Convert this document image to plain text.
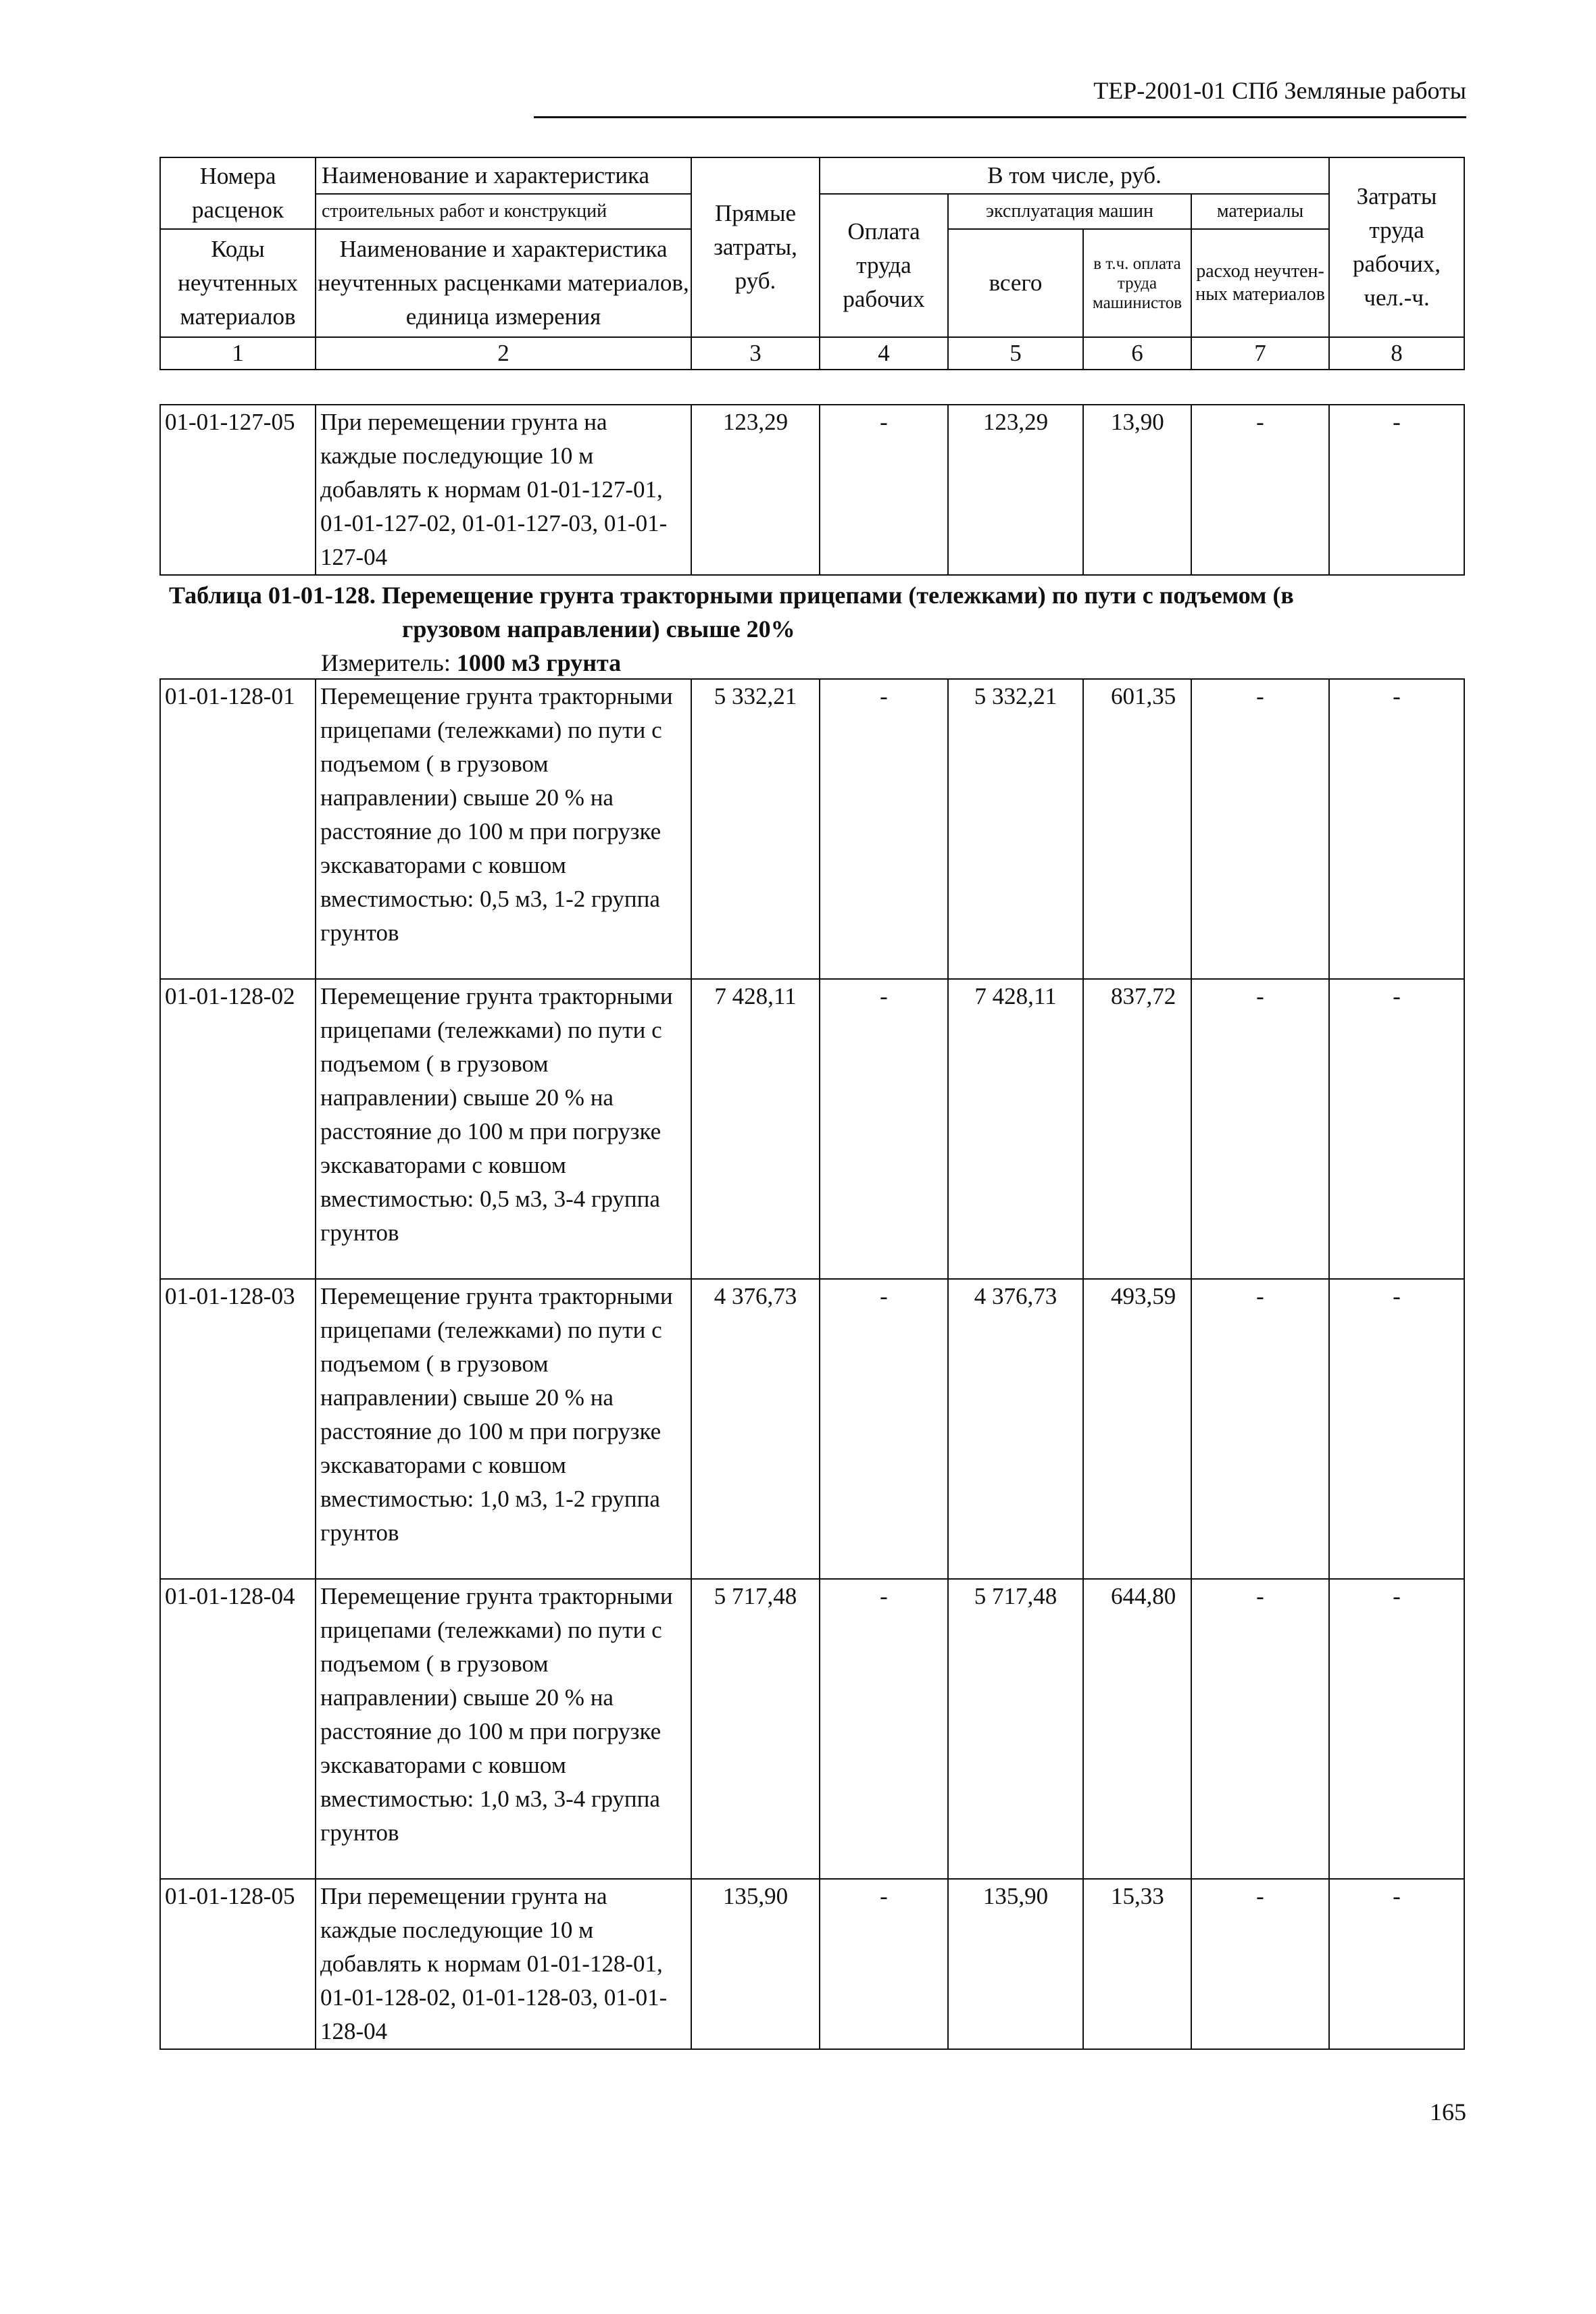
ТЕР-2001-01 СПб Земляные работы
Номера расценок	Наименование и характеристика	Прямые затраты, руб.	В том числе, руб.				Затраты труда рабочих, чел.-ч.
	строительных работ и конструкций		Оплата труда рабочих	эксплуатация машин		материалы	
Коды неучтенных материалов	Наименование и характеристика неучтенных расценками материалов, единица измерения			всего	в т.ч. оплата труда машинистов	расход неучтен-ных материалов	

1	2	3	4	5	6	7	8
01-01-127-05	При перемещении грунта на каждые последующие 10 м добавлять к нормам 01-01-127-01, 01-01-127-02, 01-01-127-03, 01-01-127-04	123,29	-	123,29	13,90	-	-
Таблица 01-01-128. Перемещение грунта тракторными прицепами (тележками) по пути с подъемом (в
грузовом направлении) свыше 20%
Измеритель: 1000 м3 грунта
01-01-128-01	Перемещение грунта тракторными прицепами (тележками) по пути с подъемом ( в грузовом направлении) свыше 20 % на расстояние до 100 м при погрузке экскаваторами с ковшом вместимостью: 0,5 м3, 1-2 группа грунтов	5 332,21	-	5 332,21	601,35	-	-
01-01-128-02	Перемещение грунта тракторными прицепами (тележками) по пути с подъемом ( в грузовом направлении) свыше 20 % на расстояние до 100 м при погрузке экскаваторами с ковшом вместимостью: 0,5 м3, 3-4 группа грунтов	7 428,11	-	7 428,11	837,72	-	-
01-01-128-03	Перемещение грунта тракторными прицепами (тележками) по пути с подъемом ( в грузовом направлении) свыше 20 % на расстояние до 100 м при погрузке экскаваторами с ковшом вместимостью: 1,0 м3, 1-2 группа грунтов	4 376,73	-	4 376,73	493,59	-	-
01-01-128-04	Перемещение грунта тракторными прицепами (тележками) по пути с подъемом ( в грузовом направлении) свыше 20 % на расстояние до 100 м при погрузке экскаваторами с ковшом вместимостью: 1,0 м3, 3-4 группа грунтов	5 717,48	-	5 717,48	644,80	-	-
01-01-128-05	При перемещении грунта на каждые последующие 10 м добавлять к нормам 01-01-128-01, 01-01-128-02, 01-01-128-03, 01-01-128-04	135,90	-	135,90	15,33	-	-
165
